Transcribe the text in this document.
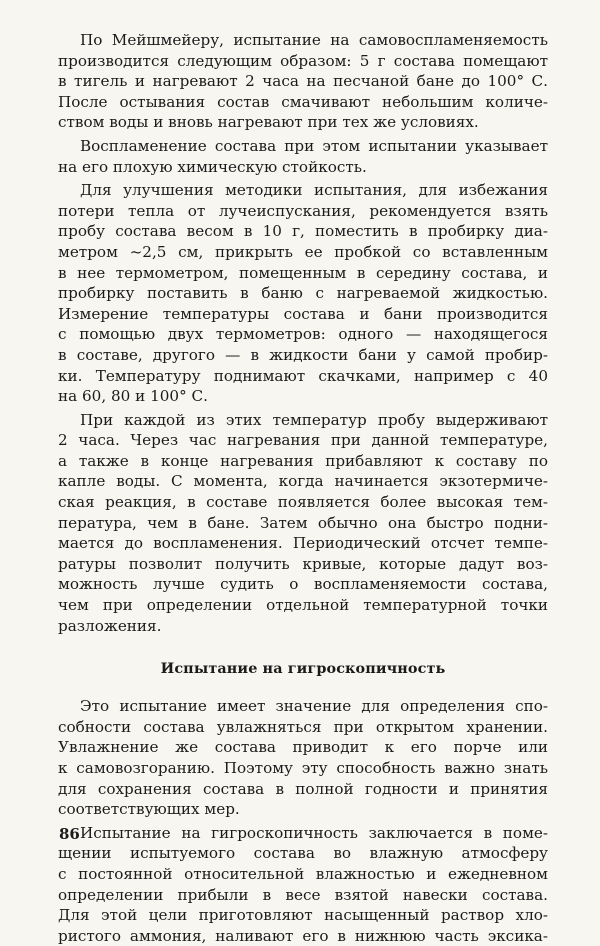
По Мейшмейеру, испытание на самовоспламеняемость
производится следующим образом: 5 г состава помещают
в тигель и нагревают 2 часа на песчаной бане до 100° С.
После остывания состав смачивают небольшим количе-
ством воды и вновь нагревают при тех же условиях.

Воспламенение состава при этом испытании указывает
на его плохую химическую стойкость.

Для улучшения методики испытания, для избежания
потери тепла от лучеиспускания, рекомендуется взять
пробу состава весом в 10 г, поместить в пробирку диа-
метром ~2,5 см, прикрыть ее пробкой со вставленным
в нее термометром, помещенным в середину состава, и
пробирку поставить в баню с нагреваемой жидкостью.
Измерение температуры состава и бани производится
с помощью двух термометров: одного — находящегося
в составе, другого — в жидкости бани у самой пробир-
ки. Температуру поднимают скачками, например с 40
на 60, 80 и 100° С.

При каждой из этих температур пробу выдерживают
2 часа. Через час нагревания при данной температуре,
а также в конце нагревания прибавляют к составу по
капле воды. С момента, когда начинается экзотермиче-
ская реакция, в составе появляется более высокая тем-
пература, чем в бане. Затем обычно она быстро подни-
мается до воспламенения. Периодический отсчет темпе-
ратуры позволит получить кривые, которые дадут воз-
можность лучше судить о воспламеняемости состава,
чем при определении отдельной температурной точки
разложения.

Испытание на гигроскопичность

Это испытание имеет значение для определения спо-
собности состава увлажняться при открытом хранении.
Увлажнение же состава приводит к его порче или
к самовозгоранию. Поэтому эту способность важно знать
для сохранения состава в полной годности и принятия
соответствующих мер.

Испытание на гигроскопичность заключается в поме-
щении испытуемого состава во влажную атмосферу
с постоянной относительной влажностью и ежедневном
определении прибыли в весе взятой навески состава.
Для этой цели приготовляют насыщенный раствор хло-
ристого аммония, наливают его в нижнюю часть эксика-

86
